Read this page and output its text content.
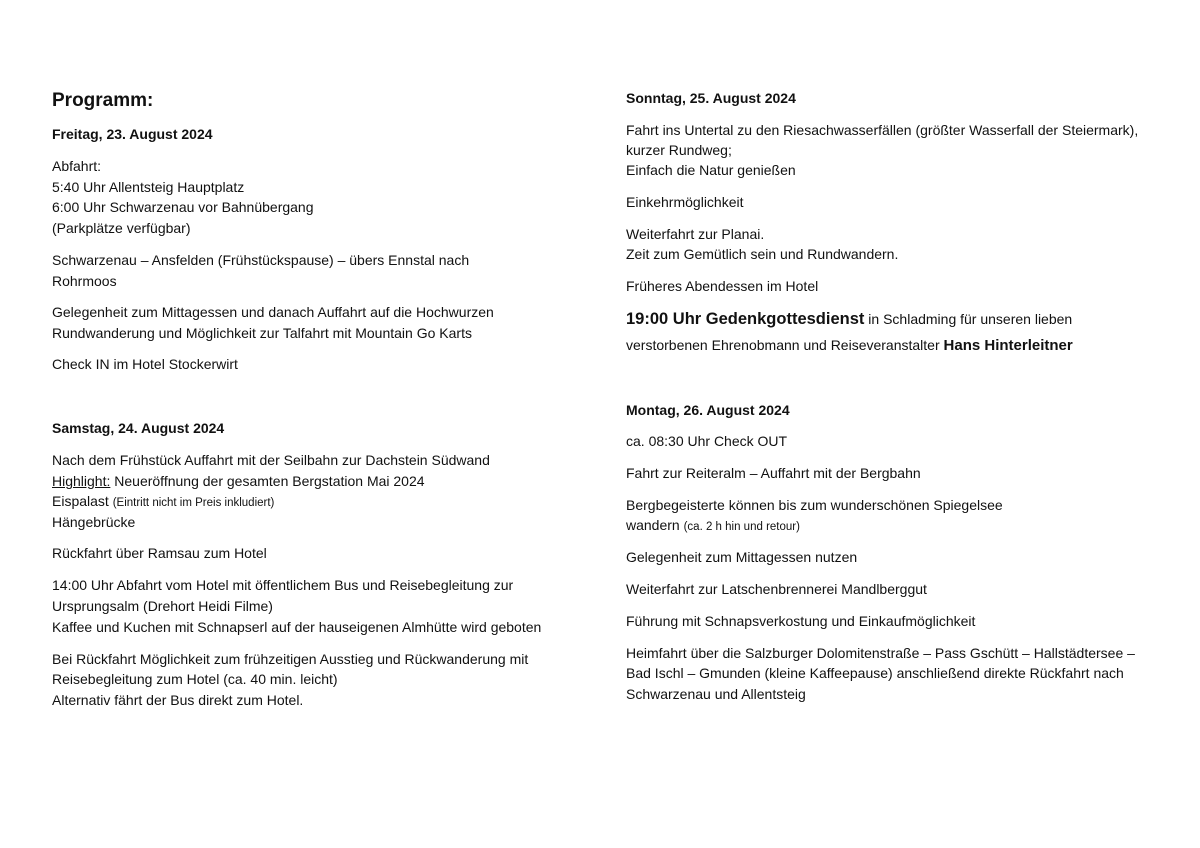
Programm:
Freitag, 23. August 2024
Abfahrt:
5:40 Uhr Allentsteig Hauptplatz
6:00 Uhr Schwarzenau vor Bahnübergang
(Parkplätze verfügbar)
Schwarzenau – Ansfelden (Frühstückspause) – übers Ennstal nach
Rohrmoos
Gelegenheit zum Mittagessen und danach Auffahrt auf die Hochwurzen
Rundwanderung und Möglichkeit zur Talfahrt mit Mountain Go Karts
Check IN im Hotel Stockerwirt
Samstag, 24. August 2024
Nach dem Frühstück Auffahrt mit der Seilbahn zur Dachstein Südwand
Highlight: Neueröffnung der gesamten Bergstation Mai 2024
Eispalast (Eintritt nicht im Preis inkludiert)
Hängebrücke
Rückfahrt über Ramsau zum Hotel
14:00 Uhr Abfahrt vom Hotel mit öffentlichem Bus und Reisebegleitung zur
Ursprungsalm (Drehort Heidi Filme)
Kaffee und Kuchen mit Schnapserl auf der hauseigenen Almhütte wird geboten
Bei Rückfahrt Möglichkeit zum frühzeitigen Ausstieg und Rückwanderung mit
Reisebegleitung zum Hotel (ca. 40 min. leicht)
Alternativ fährt der Bus direkt zum Hotel.
Sonntag, 25. August 2024
Fahrt ins Untertal zu den Riesachwasserfällen (größter Wasserfall der Steiermark),
kurzer Rundweg;
Einfach die Natur genießen
Einkehrmöglichkeit
Weiterfahrt zur Planai.
Zeit zum Gemütlich sein und Rundwandern.
Früheres Abendessen im Hotel
19:00 Uhr Gedenkgottesdienst in Schladming für unseren lieben
verstorbenen Ehrenobmann und Reiseveranstalter Hans Hinterleitner
Montag, 26. August 2024
ca. 08:30 Uhr Check OUT
Fahrt zur Reiteralm – Auffahrt mit der Bergbahn
Bergbegeisterte können bis zum wunderschönen Spiegelsee
wandern (ca. 2 h hin und retour)
Gelegenheit zum Mittagessen nutzen
Weiterfahrt zur Latschenbrennerei Mandlberggut
Führung mit Schnapsverkostung und Einkaufmöglichkeit
Heimfahrt über die Salzburger Dolomitenstraße – Pass Gschütt – Hallstädtersee –
Bad Ischl – Gmunden (kleine Kaffeepause) anschließend direkte Rückfahrt nach
Schwarzenau und Allentsteig
